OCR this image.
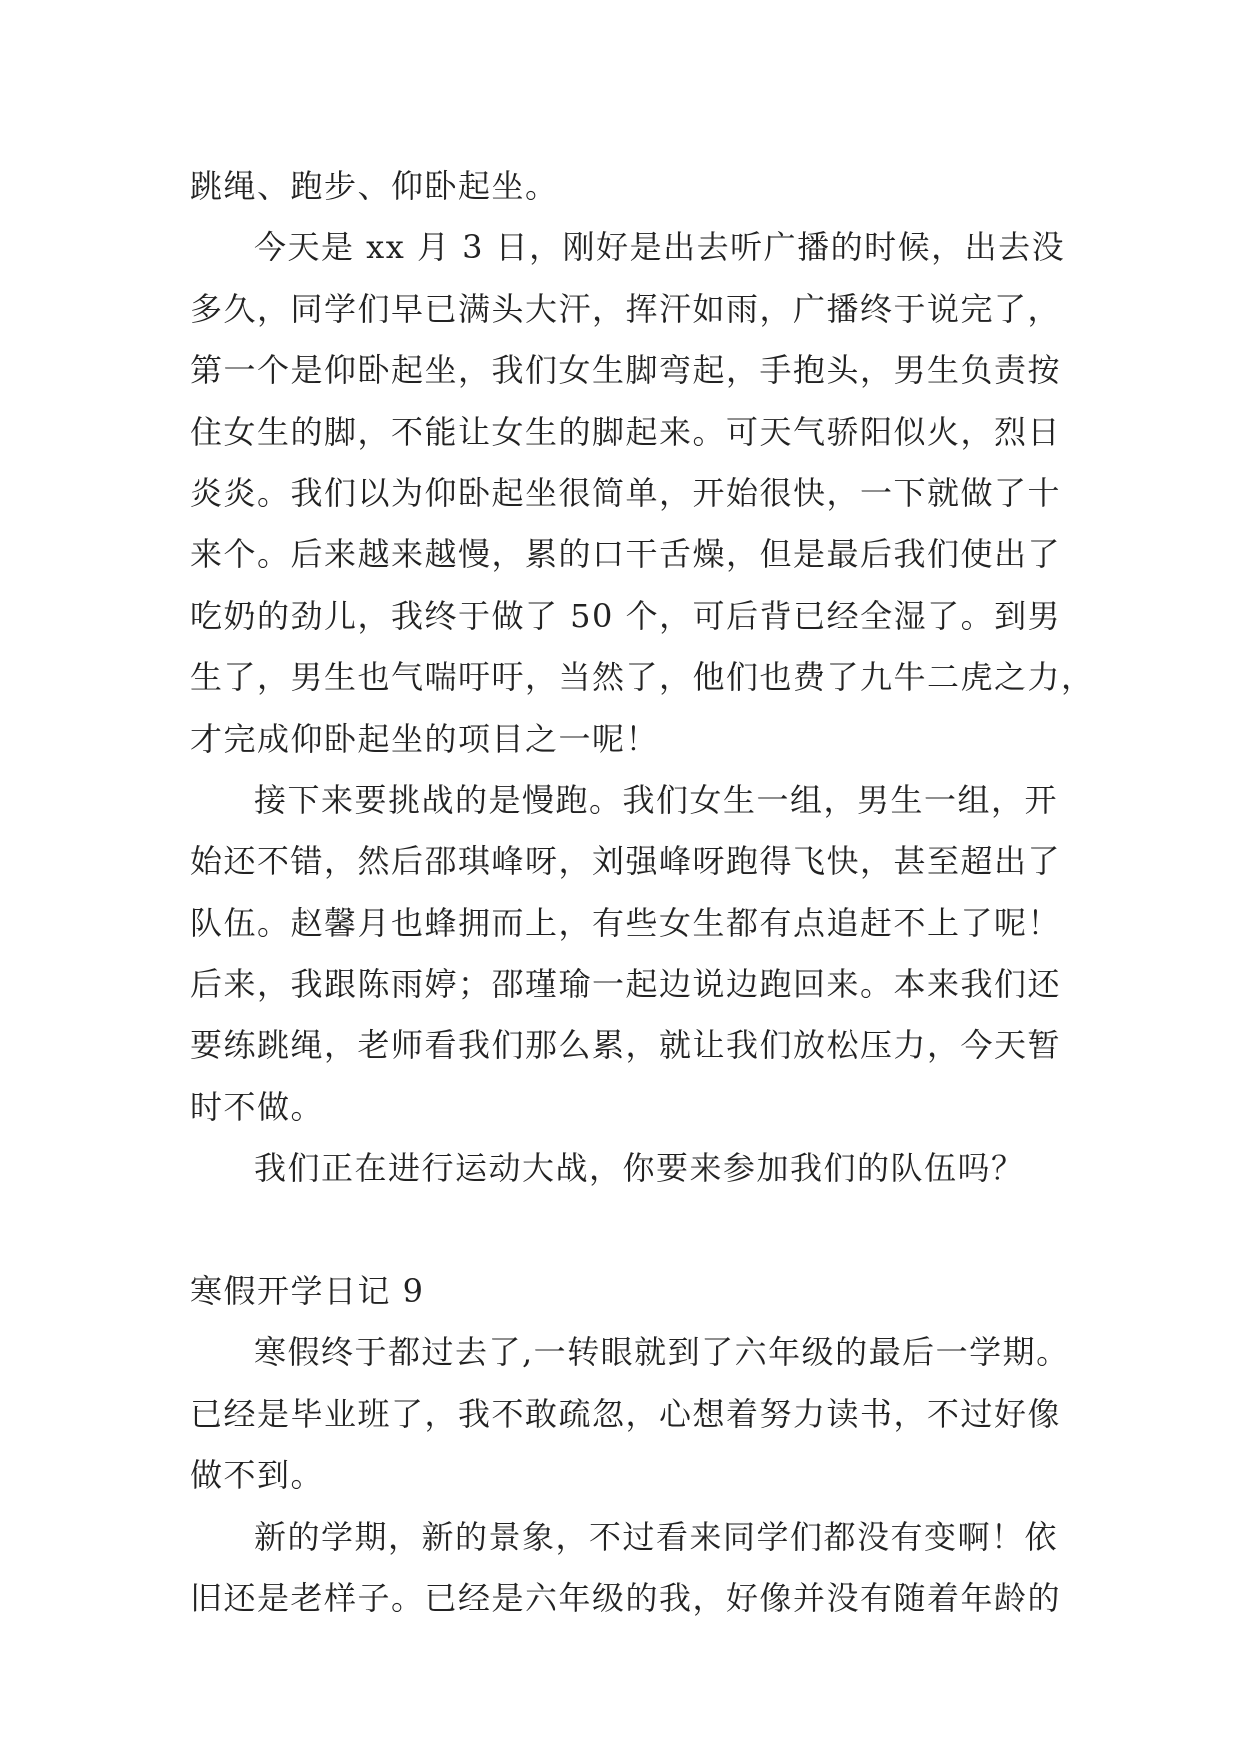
跳绳、跑步、仰卧起坐。
今天是 xx 月 3 日，刚好是出去听广播的时候，出去没
多久，同学们早已满头大汗，挥汗如雨，广播终于说完了，
第一个是仰卧起坐，我们女生脚弯起，手抱头，男生负责按
住女生的脚，不能让女生的脚起来。可天气骄阳似火，烈日
炎炎。我们以为仰卧起坐很简单，开始很快，一下就做了十
来个。后来越来越慢，累的口干舌燥，但是最后我们使出了
吃奶的劲儿，我终于做了 50 个，可后背已经全湿了。到男
生了，男生也气喘吁吁，当然了，他们也费了九牛二虎之力，
才完成仰卧起坐的项目之一呢！
接下来要挑战的是慢跑。我们女生一组，男生一组，开
始还不错，然后邵琪峰呀，刘强峰呀跑得飞快，甚至超出了
队伍。赵馨月也蜂拥而上，有些女生都有点追赶不上了呢！
后来，我跟陈雨婷；邵瑾瑜一起边说边跑回来。本来我们还
要练跳绳，老师看我们那么累，就让我们放松压力，今天暂
时不做。
我们正在进行运动大战，你要来参加我们的队伍吗？
寒假开学日记 9
寒假终于都过去了,一转眼就到了六年级的最后一学期。
已经是毕业班了，我不敢疏忽，心想着努力读书，不过好像
做不到。
新的学期，新的景象，不过看来同学们都没有变啊！依
旧还是老样子。已经是六年级的我，好像并没有随着年龄的
